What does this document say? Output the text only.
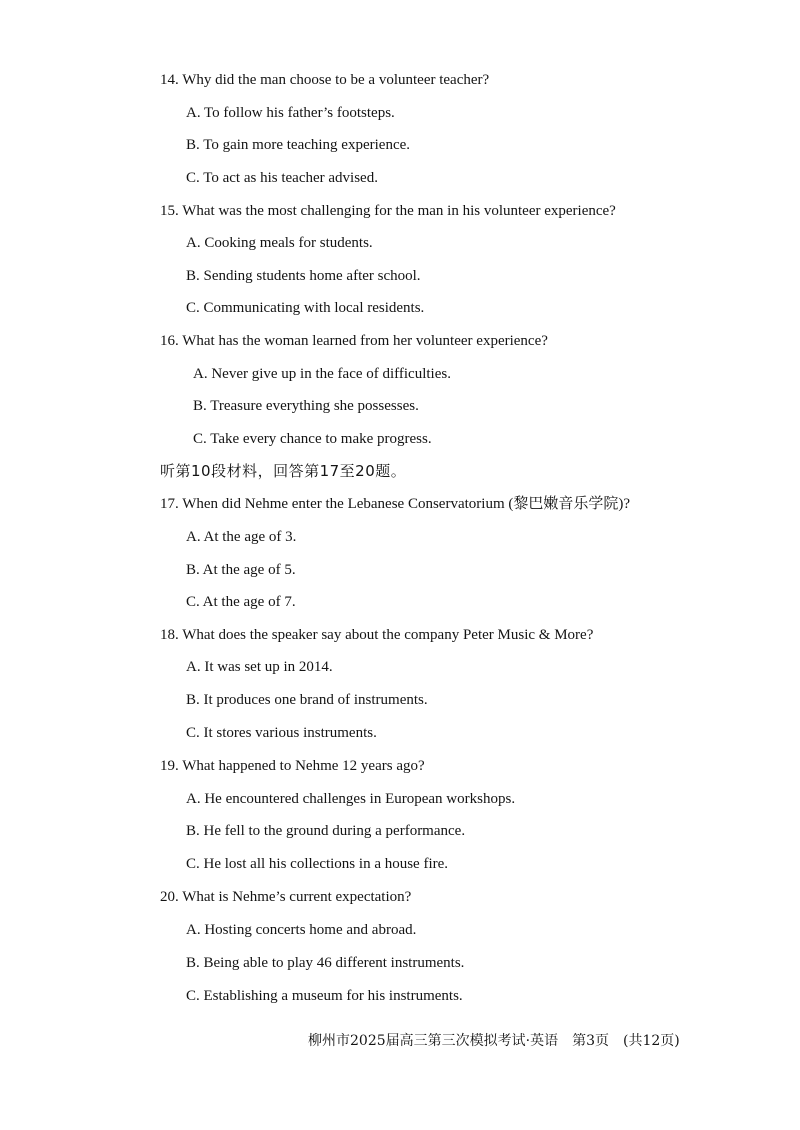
14. Why did the man choose to be a volunteer teacher?
A. To follow his father’s footsteps.
B. To gain more teaching experience.
C. To act as his teacher advised.
15. What was the most challenging for the man in his volunteer experience?
A. Cooking meals for students.
B. Sending students home after school.
C. Communicating with local residents.
16. What has the woman learned from her volunteer experience?
A. Never give up in the face of difficulties.
B. Treasure everything she possesses.
C. Take every chance to make progress.
听第10段材料，回答第17至20题。
17. When did Nehme enter the Lebanese Conservatorium (黎巴嫩音乐学院)?
A. At the age of 3.
B. At the age of 5.
C. At the age of 7.
18. What does the speaker say about the company Peter Music & More?
A. It was set up in 2014.
B. It produces one brand of instruments.
C. It stores various instruments.
19. What happened to Nehme 12 years ago?
A. He encountered challenges in European workshops.
B. He fell to the ground during a performance.
C. He lost all his collections in a house fire.
20. What is Nehme’s current expectation?
A. Hosting concerts home and abroad.
B. Being able to play 46 different instruments.
C. Establishing a museum for his instruments.
柳州市2025届高三第三次模拟考试·英语　第3页　(共12页)
